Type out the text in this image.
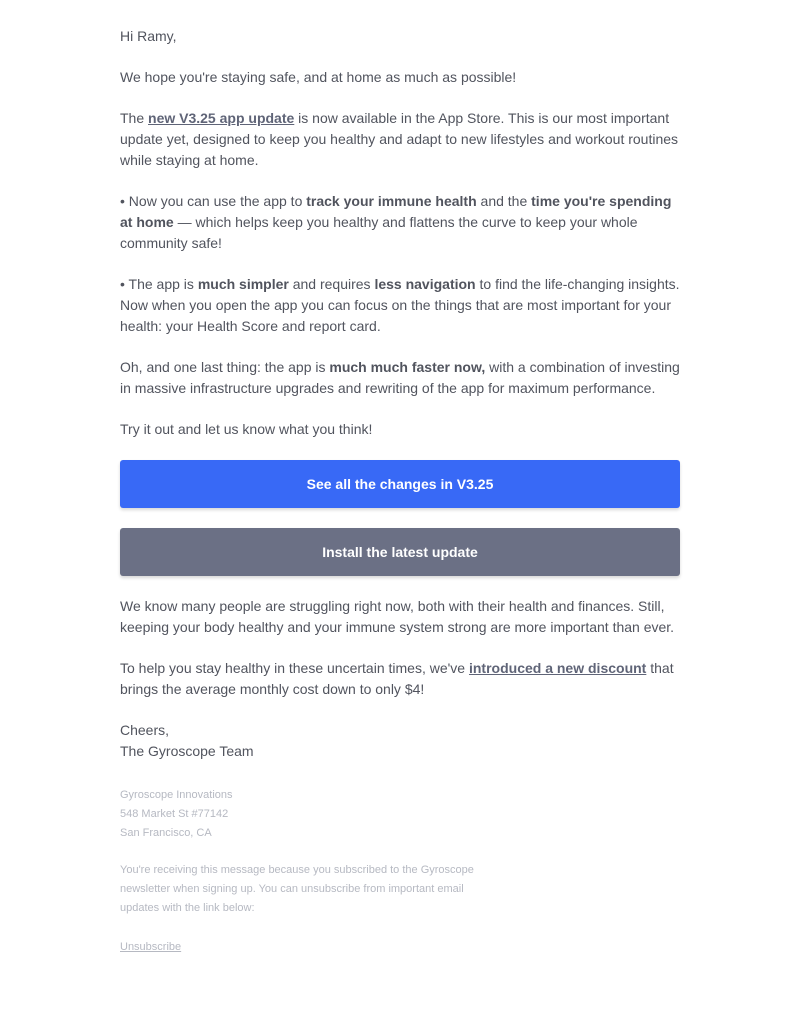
Hi Ramy,

We hope you're staying safe, and at home as much as possible!

The new V3.25 app update is now available in the App Store. This is our most important update yet, designed to keep you healthy and adapt to new lifestyles and workout routines while staying at home.

• Now you can use the app to track your immune health and the time you're spending at home — which helps keep you healthy and flattens the curve to keep your whole community safe!

• The app is much simpler and requires less navigation to find the life-changing insights. Now when you open the app you can focus on the things that are most important for your health: your Health Score and report card.

Oh, and one last thing: the app is much much faster now, with a combination of investing in massive infrastructure upgrades and rewriting of the app for maximum performance.

Try it out and let us know what you think!

See all the changes in V3.25
Install the latest update

We know many people are struggling right now, both with their health and finances. Still, keeping your body healthy and your immune system strong are more important than ever.

To help you stay healthy in these uncertain times, we've introduced a new discount that brings the average monthly cost down to only $4!

Cheers,

The Gyroscope Team

Gyroscope Innovations
548 Market St #77142
San Francisco, CA
You're receiving this message because you subscribed to the Gyroscope newsletter when signing up. You can unsubscribe from important email updates with the link below:
Unsubscribe
